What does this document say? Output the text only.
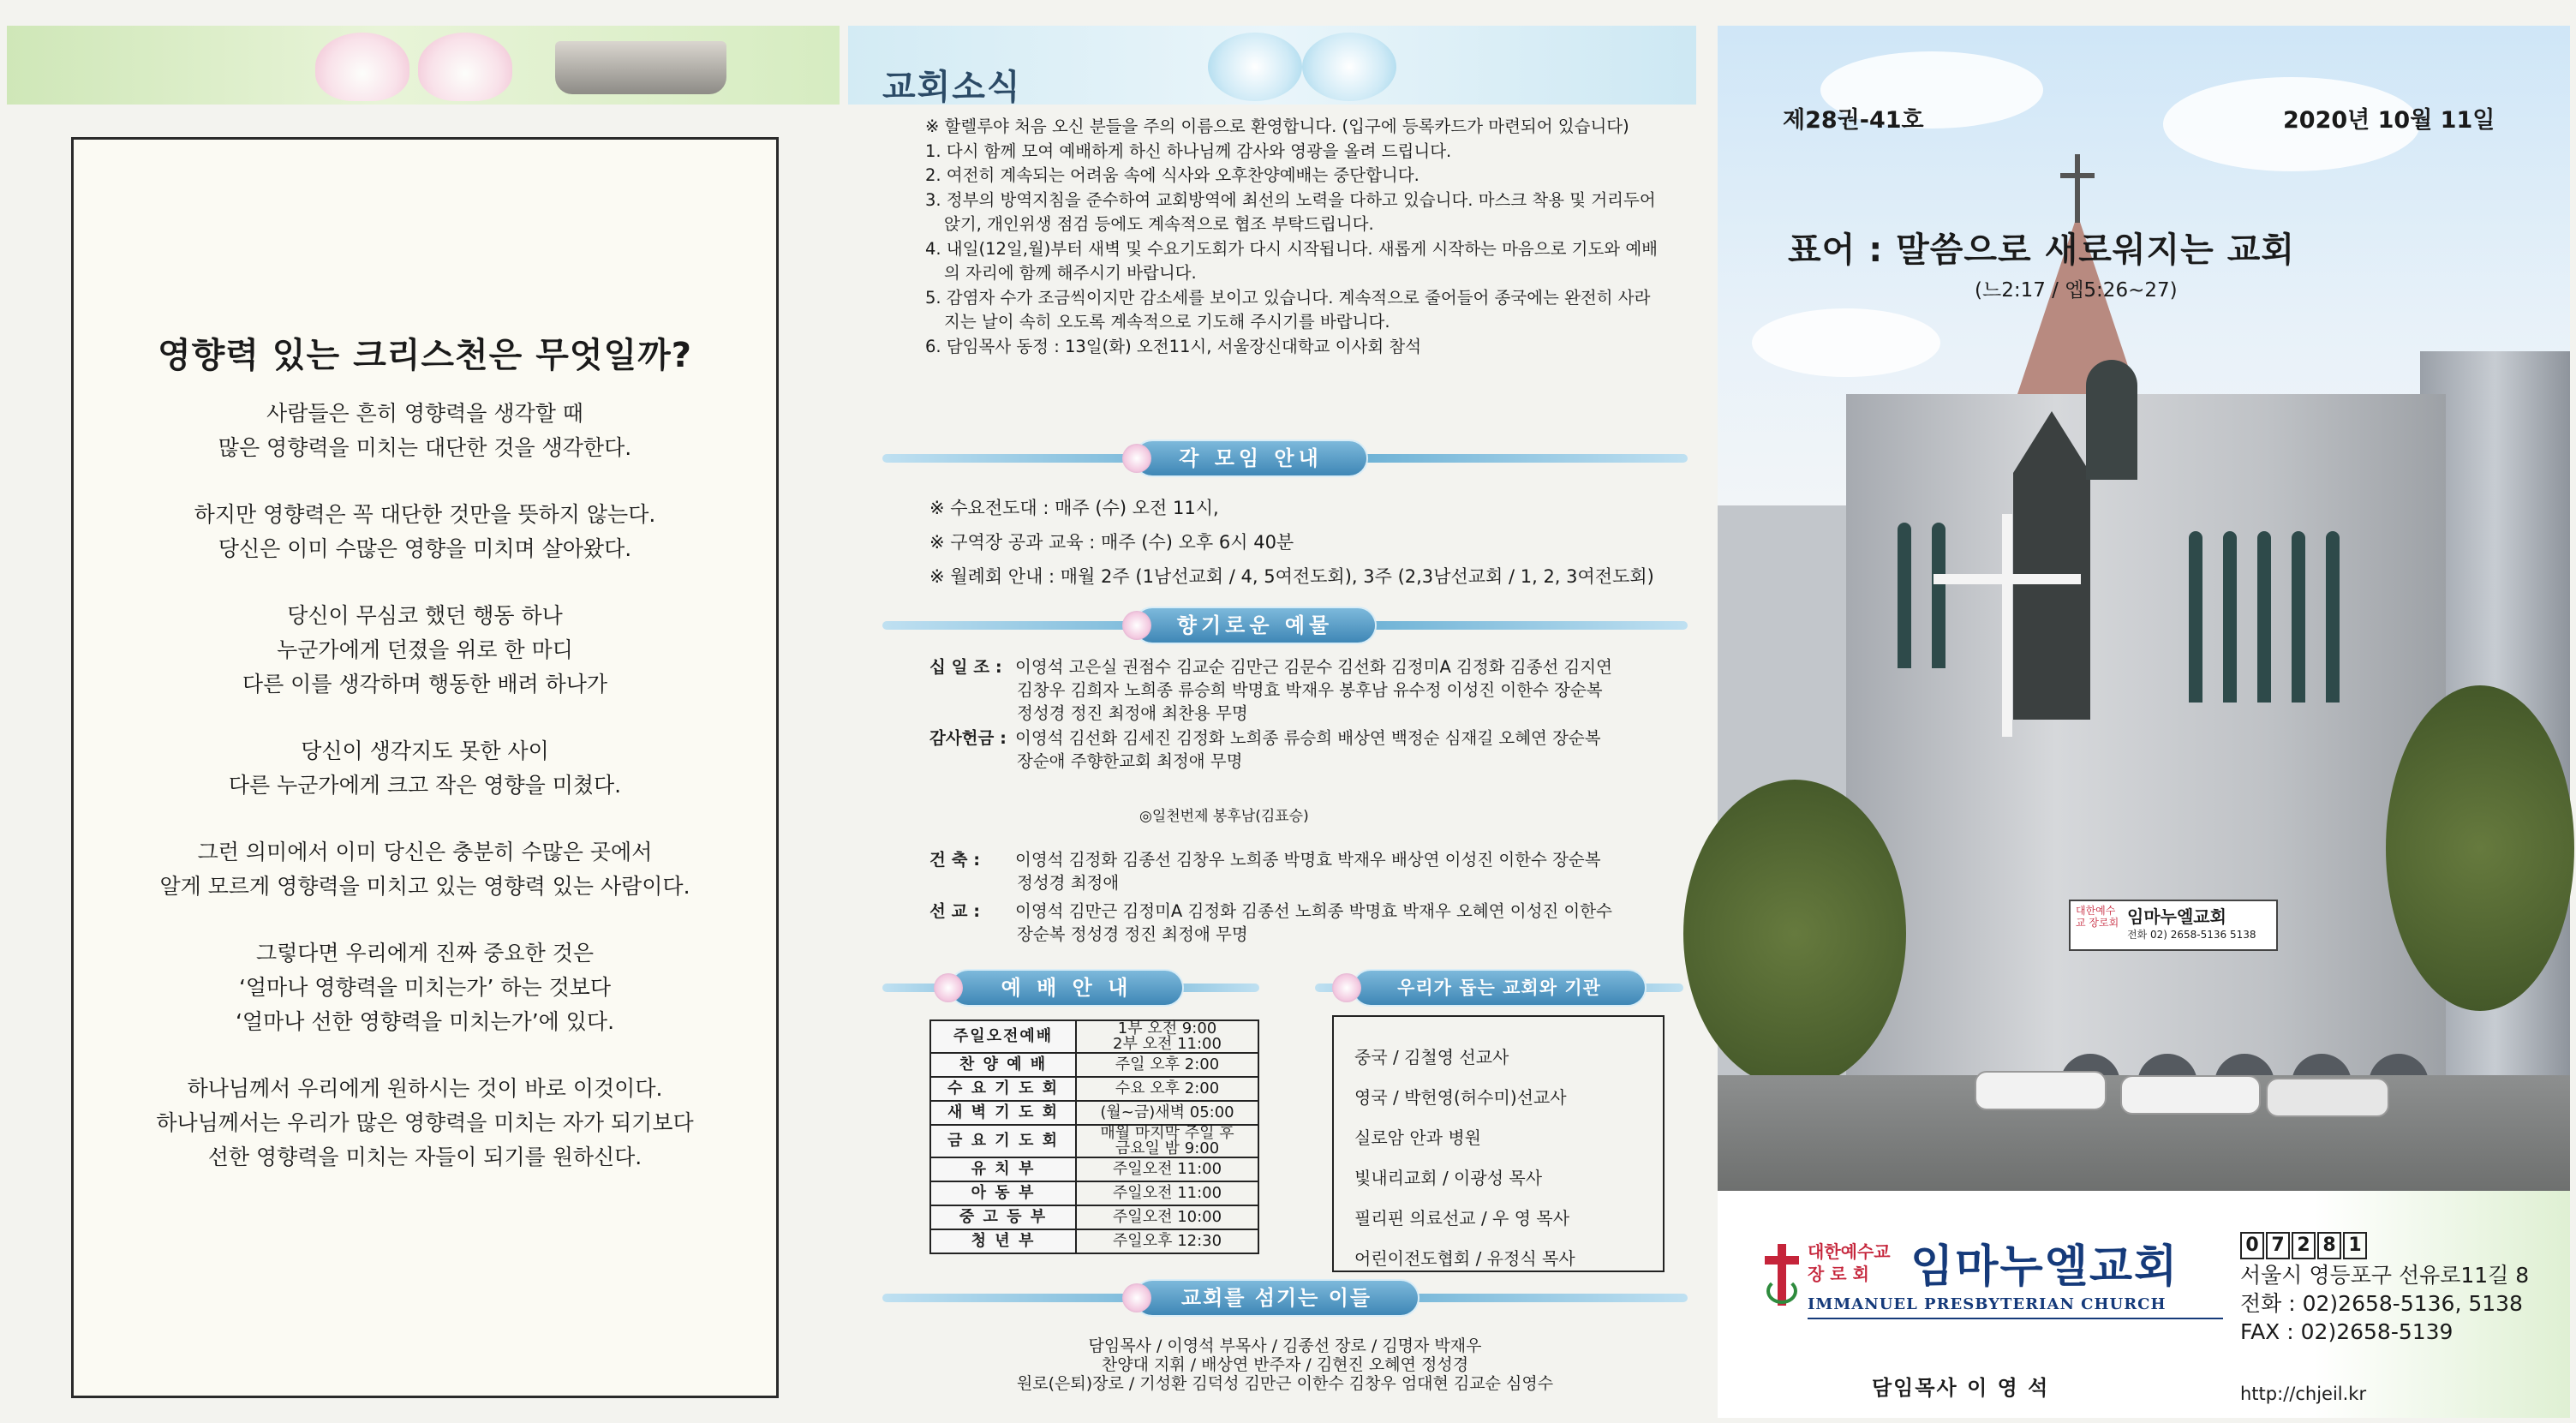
영향력 있는 크리스천은 무엇일까?
사람들은 흔히 영향력을 생각할 때
많은 영향력을 미치는 대단한 것을 생각한다.
하지만 영향력은 꼭 대단한 것만을 뜻하지 않는다.
당신은 이미 수많은 영향을 미치며 살아왔다.
당신이 무심코 했던 행동 하나
누군가에게 던졌을 위로 한 마디
다른 이를 생각하며 행동한 배려 하나가
당신이 생각지도 못한 사이
다른 누군가에게 크고 작은 영향을 미쳤다.
그런 의미에서 이미 당신은 충분히 수많은 곳에서
알게 모르게 영향력을 미치고 있는 영향력 있는 사람이다.
그렇다면 우리에게 진짜 중요한 것은
‘얼마나 영향력을 미치는가’ 하는 것보다
‘얼마나 선한 영향력을 미치는가’에 있다.
하나님께서 우리에게 원하시는 것이 바로 이것이다.
하나님께서는 우리가 많은 영향력을 미치는 자가 되기보다
선한 영향력을 미치는 자들이 되기를 원하신다.
교회소식

※ 할렐루야 처음 오신 분들을 주의 이름으로 환영합니다. (입구에 등록카드가 마련되어 있습니다)

1. 다시 함께 모여 예배하게 하신 하나님께 감사와 영광을 올려 드립니다.

2. 여전히 계속되는 어려움 속에 식사와 오후찬양예배는 중단합니다.

3. 정부의 방역지침을 준수하여 교회방역에 최선의 노력을 다하고 있습니다. 마스크 착용 및 거리두어

앉기, 개인위생 점검 등에도 계속적으로 협조 부탁드립니다.

4. 내일(12일,월)부터 새벽 및 수요기도회가 다시 시작됩니다. 새롭게 시작하는 마음으로 기도와 예배

의 자리에 함께 해주시기 바랍니다.

5. 감염자 수가 조금씩이지만 감소세를 보이고 있습니다. 계속적으로 줄어들어 종국에는 완전히 사라

지는 날이 속히 오도록 계속적으로 기도해 주시기를 바랍니다.

6. 담임목사 동정 : 13일(화) 오전11시, 서울장신대학교 이사회 참석

각 모임 안내
※ 수요전도대 : 매주 (수) 오전 11시,
※ 구역장 공과 교육 : 매주 (수) 오후 6시 40분
※ 월례회 안내 : 매월 2주 (1남선교회 / 4, 5여전도회), 3주 (2,3남선교회 / 1, 2, 3여전도회)
향기로운 예물
십 일 조 : 이영석 고은실 권점수 김교순 김만근 김문수 김선화 김정미A 김정화 김종선 김지연
김창우 김희자 노희종 류승희 박명효 박재우 봉후남 유수정 이성진 이한수 장순복
정성경 정진 최정애 최찬용 무명
감사헌금 : 이영석 김선화 김세진 김정화 노희종 류승희 배상연 백정순 심재길 오혜연 장순복
장순애 주향한교회 최정애 무명
◎일천번제 봉후남(김표승)
건 축 : 이영석 김정화 김종선 김창우 노희종 박명효 박재우 배상연 이성진 이한수 장순복
정성경 최정애
선 교 : 이영석 김만근 김정미A 김정화 김종선 노희종 박명효 박재우 오혜연 이성진 이한수
장순복 정성경 정진 최정애 무명
예 배 안 내	우리가 돕는 교회와 기관
주일오전예배	1부 오전 9:00
2부 오전 11:00
찬 양 예 배	주일 오후 2:00
수 요 기 도 회	수요 오후 2:00
새 벽 기 도 회	(월~금)새벽 05:00
금 요 기 도 회	매월 마지막 주일 후
금요일 밤 9:00
유 치 부	주일오전 11:00
아 동 부	주일오전 11:00
중 고 등 부	주일오전 10:00
청 년 부	주일오후 12:30
중국 / 김철영 선교사
영국 / 박헌영(허수미)선교사
실로암 안과 병원
빛내리교회 / 이광성 목사
필리핀 의료선교 / 우 영 목사
어린이전도협회 / 유정식 목사
교회를 섬기는 이들
담임목사 / 이영석 부목사 / 김종선 장로 / 김명자 박재우
찬양대 지휘 / 배상연 반주자 / 김현진 오혜연 정성경
원로(은퇴)장로 / 기성환 김덕성 김만근 이한수 김창우 엄대현 김교순 심영수
대한예수교 장로회 임마누엘교회
전화 02) 2658-5136 5138
제28권-41호	2020년 10월 11일
표어 : 말씀으로 새로워지는 교회
(느2:17 / 엡5:26~27)
대한예수교
장 로 회 임마누엘교회
IMMANUEL PRESBYTERIAN CHURCH
담임목사 이 영 석
0 7 2 8 1
서울시 영등포구 선유로11길 8
전화 : 02)2658-5136, 5138
FAX : 02)2658-5139
http://chjeil.kr
